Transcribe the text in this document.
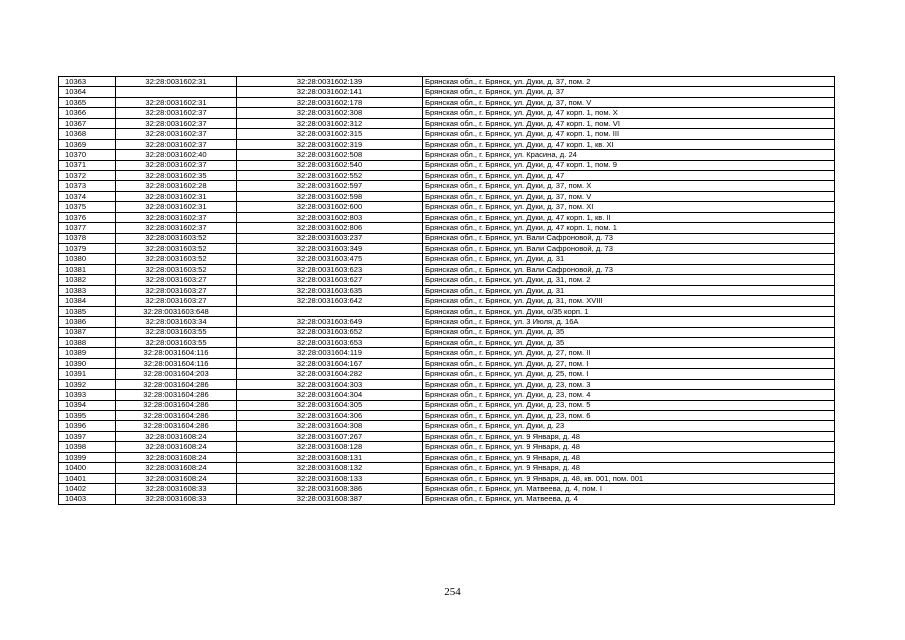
10363	32:28:0031602:31	32:28:0031602:139	Брянская обл., г. Брянск, ул. Дуки, д. 37, пом. 2
10364		32:28:0031602:141	Брянская обл., г. Брянск, ул. Дуки, д. 37
10365	32:28:0031602:31	32:28:0031602:178	Брянская обл., г. Брянск, ул. Дуки, д. 37, пом. V
10366	32:28:0031602:37	32:28:0031602:308	Брянская обл., г. Брянск, ул. Дуки, д. 47 корп. 1, пом. X
10367	32:28:0031602:37	32:28:0031602:312	Брянская обл., г. Брянск, ул. Дуки, д. 47 корп. 1, пом. VI
10368	32:28:0031602:37	32:28:0031602:315	Брянская обл., г. Брянск, ул. Дуки, д. 47 корп. 1, пом. III
10369	32:28:0031602:37	32:28:0031602:319	Брянская обл., г. Брянск, ул. Дуки, д. 47 корп. 1, кв. XI
10370	32:28:0031602:40	32:28:0031602:508	Брянская обл., г. Брянск, ул. Красина, д. 24
10371	32:28:0031602:37	32:28:0031602:540	Брянская обл., г. Брянск, ул. Дуки, д. 47 корп. 1, пом. 9
10372	32:28:0031602:35	32:28:0031602:552	Брянская обл., г. Брянск, ул. Дуки, д. 47
10373	32:28:0031602:28	32:28:0031602:597	Брянская обл., г. Брянск, ул. Дуки, д. 37, пом. X
10374	32:28:0031602:31	32:28:0031602:598	Брянская обл., г. Брянск, ул. Дуки, д. 37, пом. V
10375	32:28:0031602:31	32:28:0031602:600	Брянская обл., г. Брянск, ул. Дуки, д. 37, пом. XI
10376	32:28:0031602:37	32:28:0031602:803	Брянская обл., г. Брянск, ул. Дуки, д. 47 корп. 1, кв. II
10377	32:28:0031602:37	32:28:0031602:806	Брянская обл., г. Брянск, ул. Дуки, д. 47 корп. 1, пом. 1
10378	32:28:0031603:52	32:28:0031603:237	Брянская обл., г. Брянск, ул. Вали Сафроновой, д. 73
10379	32:28:0031603:52	32:28:0031603:349	Брянская обл., г. Брянск, ул. Вали Сафроновой, д. 73
10380	32:28:0031603:52	32:28:0031603:475	Брянская обл., г. Брянск, ул. Дуки, д. 31
10381	32:28:0031603:52	32:28:0031603:623	Брянская обл., г. Брянск, ул. Вали Сафроновой, д. 73
10382	32:28:0031603:27	32:28:0031603:627	Брянская обл., г. Брянск, ул. Дуки, д. 31, пом. 2
10383	32:28:0031603:27	32:28:0031603:635	Брянская обл., г. Брянск, ул. Дуки, д. 31
10384	32:28:0031603:27	32:28:0031603:642	Брянская обл., г. Брянск, ул. Дуки, д. 31, пом. XVIII
10385	32:28:0031603:648		Брянская обл., г. Брянск, ул. Дуки, о/35 корп. 1
10386	32:28:0031603:34	32:28:0031603:649	Брянская обл., г. Брянск, ул. 3 Июля, д. 16А
10387	32:28:0031603:55	32:28:0031603:652	Брянская обл., г. Брянск, ул. Дуки, д. 35
10388	32:28:0031603:55	32:28:0031603:653	Брянская обл., г. Брянск, ул. Дуки, д. 35
10389	32:28:0031604:116	32:28:0031604:119	Брянская обл., г. Брянск, ул. Дуки, д. 27, пом. II
10390	32:28:0031604:116	32:28:0031604:167	Брянская обл., г. Брянск, ул. Дуки, д. 27, пом. I
10391	32:28:0031604:203	32:28:0031604:282	Брянская обл., г. Брянск, ул. Дуки, д. 25, пом. I
10392	32:28:0031604:286	32:28:0031604:303	Брянская обл., г. Брянск, ул. Дуки, д. 23, пом. 3
10393	32:28:0031604:286	32:28:0031604:304	Брянская обл., г. Брянск, ул. Дуки, д. 23, пом. 4
10394	32:28:0031604:286	32:28:0031604:305	Брянская обл., г. Брянск, ул. Дуки, д. 23, пом. 5
10395	32:28:0031604:286	32:28:0031604:306	Брянская обл., г. Брянск, ул. Дуки, д. 23, пом. 6
10396	32:28:0031604:286	32:28:0031604:308	Брянская обл., г. Брянск, ул. Дуки, д. 23
10397	32:28:0031608:24	32:28:0031607:267	Брянская обл., г. Брянск, ул. 9 Января, д. 48
10398	32:28:0031608:24	32:28:0031608:128	Брянская обл., г. Брянск, ул. 9 Января, д. 48
10399	32:28:0031608:24	32:28:0031608:131	Брянская обл., г. Брянск, ул. 9 Января, д. 48
10400	32:28:0031608:24	32:28:0031608:132	Брянская обл., г. Брянск, ул. 9 Января, д. 48
10401	32:28:0031608:24	32:28:0031608:133	Брянская обл., г. Брянск, ул. 9 Января, д. 48, кв. 001, пом. 001
10402	32:28:0031608:33	32:28:0031608:386	Брянская обл., г. Брянск, ул. Матвеева, д. 4, пом. I
10403	32:28:0031608:33	32:28:0031608:387	Брянская обл., г. Брянск, ул. Матвеева, д. 4
254
